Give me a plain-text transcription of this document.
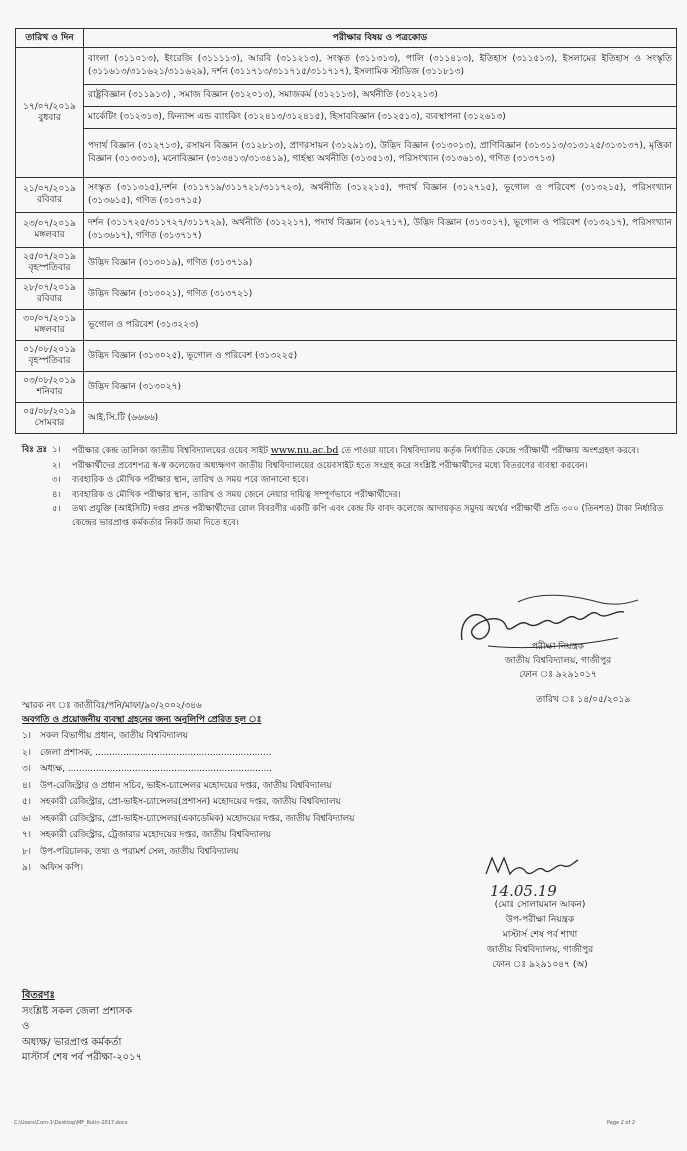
তারিখ ও দিন	পরীক্ষার বিষয় ও পত্রকোড

১৭/০৭/২০১৯
বুধবার	বাংলা (৩১১০১৩), ইংরেজি (৩১১১১৩), আরবি (৩১১২১৩), সংস্কৃত (৩১১৩১৩), পালি (৩১১৪১৩), ইতিহাস (৩১১৫১৩), ইসলামের ইতিহাস ও সংস্কৃতি (৩১১৬১৩/৩১১৬২১/৩১১৬২৯), দর্শন (৩১১৭১৩/৩১১৭১৫/৩১১৭১৭), ইসলামিক স্টাডিজ (৩১১৮১৩)
	রাষ্ট্রবিজ্ঞান (৩১১৯১৩) , সমাজ বিজ্ঞান (৩১২০১৩), সমাজকর্ম (৩১২১১৩), অর্থনীতি (৩১২২১৩)
	মার্কেটিং (৩১২৩১৩), ফিন্যান্স এন্ড ব্যাংকিং (৩১২৪১৩/৩১২৪১৫), হিসাববিজ্ঞান (৩১২৫১৩), ব্যবস্থাপনা (৩১২৬১৩)
	পদার্থ বিজ্ঞান (৩১২৭১৩), রসায়ন বিজ্ঞান (৩১২৮১৩), প্রাণরসায়ন (৩১২৯১৩), উদ্ভিদ বিজ্ঞান (৩১৩০১৩), প্রাণিবিজ্ঞান (৩১৩১১৩/৩১৩১২৫/৩১৩১৩৭), মৃত্তিকা বিজ্ঞান (৩১৩৩১৩), মনোবিজ্ঞান (৩১৩৪১৩/৩১৩৪১৯), গার্হস্থ্য অর্থনীতি (৩১৩৫১৩), পরিসংখ্যান (৩১৩৬১৩), গণিত (৩১৩৭১৩)

২১/০৭/২০১৯
রবিবার	সংস্কৃত (৩১১৩১৫),দর্শন (৩১১৭১৯/৩১১৭২১/৩১১৭২৩), অর্থনীতি (৩১২২১৫), পদার্থ বিজ্ঞান (৩১২৭১৫), ভূগোল ও পরিবেশ (৩১৩২১৫), পরিসংখ্যান (৩১৩৬১৫), গণিত (৩১৩৭১৫)

২৩/০৭/২০১৯
মঙ্গলবার	দর্শন (৩১১৭২৫/৩১১৭২৭/৩১১৭২৯), অর্থনীতি (৩১২২১৭), পদার্থ বিজ্ঞান (৩১২৭১৭), উদ্ভিদ বিজ্ঞান (৩১৩০১৭), ভূগোল ও পরিবেশ (৩১৩২১৭), পরিসংখ্যান (৩১৩৬১৭), গণিত (৩১৩৭১৭)

২৫/০৭/২০১৯
বৃহস্পতিবার	উদ্ভিদ বিজ্ঞান (৩১৩০১৯), গণিত (৩১৩৭১৯)

২৮/০৭/২০১৯
রবিবার	উদ্ভিদ বিজ্ঞান (৩১৩০২১), গণিত (৩১৩৭২১)

৩০/০৭/২০১৯
মঙ্গলবার	ভূগোল ও পরিবেশ (৩১৩২২৩)

০১/০৮/২০১৯
বৃহস্পতিবার	উদ্ভিদ বিজ্ঞান (৩১৩০২৫), ভূগোল ও পরিবেশ (৩১৩২২৫)

০৩/০৮/২০১৯
শনিবার	উদ্ভিদ বিজ্ঞান (৩১৩০২৭)

০৫/০৮/২০১৯
সোমবার	আই.সি.টি (৬৬৬৬)
বিঃ দ্রঃ ১। পরীক্ষার কেন্দ্র তালিকা জাতীয় বিশ্ববিদ্যালয়ের ওয়েব সাইট www.nu.ac.bd তে পাওয়া যাবে। বিশ্ববিদ্যালয় কর্তৃক নির্ধারিত কেন্দ্রে পরীক্ষার্থী পরীক্ষায় অংশগ্রহণ করবে।
২। পরীক্ষার্থীদের প্রবেশপত্র স্ব-স্ব কলেজের অধ্যক্ষগণ জাতীয় বিশ্ববিদ্যালয়ের ওয়েবসাইট হতে সংগ্রহ করে সংশ্লিষ্ট পরীক্ষার্থীদের মধ্যে বিতরণের ব্যবস্থা করবেন।
৩। ব্যবহারিক ও মৌখিক পরীক্ষার স্থান, তারিখ ও সময় পরে জানানো হবে।
৪। ব্যবহারিক ও মৌখিক পরীক্ষার স্থান, তারিখ ও সময় জেনে নেয়ার দায়িত্ব সম্পূর্ণভাবে পরীক্ষার্থীদের।
৫। তথ্য প্রযুক্তি (আইসিটি) দপ্তর প্রদত্ত পরীক্ষার্থীদের রোল বিবরণীর একটি কপি এবং কেন্দ্র ফি বাবদ কলেজে আদায়কৃত সমুদয় অর্থের পরীক্ষার্থী প্রতি ৩০০ (তিনশত) টাকা নির্ধারিত কেন্দ্রের ভারপ্রাপ্ত কর্মকর্তার নিকট জমা দিতে হবে।
পরীক্ষা নিয়ন্ত্রক
জাতীয় বিশ্ববিদ্যালয়, গাজীপুর
ফোন ঃ ৯২৯১০১৭
তারিখ ঃ ১৪/০৫/২০১৯
স্মারক নং ঃ জাতীবিঃ/পনি/মাফা/৯০/২০০২/৩৪৬
অবগতি ও প্রয়োজনীয় ব্যবস্থা গ্রহনের জন্য অনুলিপি প্রেরিত হল ঃ
১। সকল বিভাগীয় প্রধান, জাতীয় বিশ্ববিদ্যালয়
২। জেলা প্রশাসক, ...............................................................
৩। অধ্যক্ষ, .........................................................................
৪। উপ-রেজিস্ট্রার ও প্রধান সচিব, ভাইস-চ্যান্সেলর মহোদয়ের দপ্তর, জাতীয় বিশ্ববিদ্যালয়
৫। সহকারী রেজিস্ট্রার, প্রো-ভাইস-চ্যান্সেলর(প্রশাসন) মহোদয়ের দপ্তর, জাতীয় বিশ্ববিদ্যালয়
৬। সহকারী রেজিস্ট্রার, প্রো-ভাইস-চ্যান্সেলর(একাডেমিক) মহোদয়ের দপ্তর, জাতীয় বিশ্ববিদ্যালয়
৭। সহকারী রেজিস্ট্রার, ট্রেজারার মহোদয়ের দপ্তর, জাতীয় বিশ্ববিদ্যালয়
৮। উপ-পরিচালক, তথ্য ও পরামর্শ সেল, জাতীয় বিশ্ববিদ্যালয়
৯। অফিস কপি।
14.05.19
(মোঃ সোলায়মান আকন)
উপ-পরীক্ষা নিয়ন্ত্রক
মাস্টার্স শেষ পর্ব শাখা
জাতীয় বিশ্ববিদ্যালয়, গাজীপুর
ফোন ঃ ৯২৯১০৪৭ (অ)
বিতরণঃ
সংশ্লিষ্ট সকল জেলা প্রশাসক
ও
অধ্যক্ষ/ ভারপ্রাপ্ত কর্মকর্তা
মাস্টার্স শেষ পর্ব পরীক্ষা-২০১৭
C:\Users\Com-1\Desktop\MF_Rutin-2017.docx	Page 2 of 2
